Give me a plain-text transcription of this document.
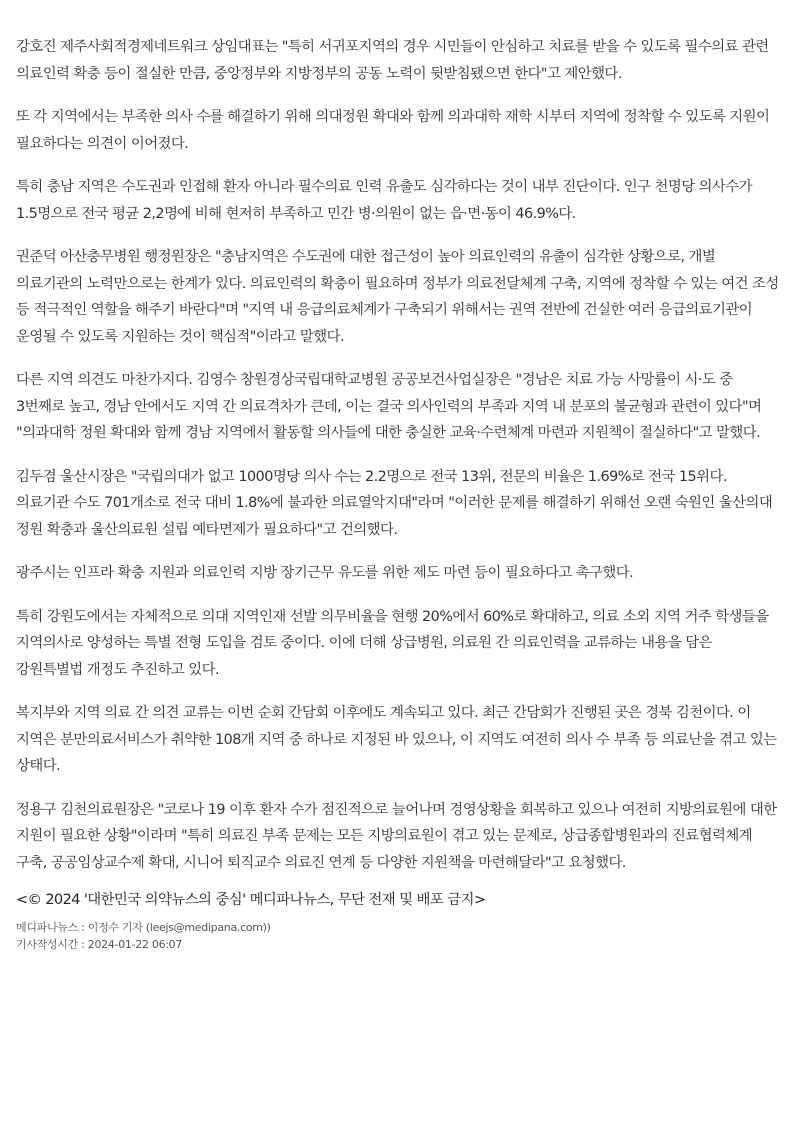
강호진 제주사회적경제네트워크 상임대표는 "특히 서귀포지역의 경우 시민들이 안심하고 치료를 받을 수 있도록 필수의료 관련 의료인력 확충 등이 절실한 만큼, 중앙정부와 지방정부의 공동 노력이 뒷받침됐으면 한다"고 제안했다.

또 각 지역에서는 부족한 의사 수를 해결하기 위해 의대정원 확대와 함께 의과대학 재학 시부터 지역에 정착할 수 있도록 지원이 필요하다는 의견이 이어졌다.

특히 충남 지역은 수도권과 인접해 환자 아니라 필수의료 인력 유출도 심각하다는 것이 내부 진단이다. 인구 천명당 의사수가 1.5명으로 전국 평균 2,2명에 비해 현저히 부족하고 민간 병·의원이 없는 읍·면·동이 46.9%다.

권준덕 아산충무병원 행정원장은 "충남지역은 수도권에 대한 접근성이 높아 의료인력의 유출이 심각한 상황으로, 개별 의료기관의 노력만으로는 한계가 있다. 의료인력의 확충이 필요하며 정부가 의료전달체계 구축, 지역에 정착할 수 있는 여건 조성 등 적극적인 역할을 해주기 바란다"며 "지역 내 응급의료체계가 구축되기 위해서는 권역 전반에 건실한 여러 응급의료기관이 운영될 수 있도록 지원하는 것이 핵심적"이라고 말했다.

다른 지역 의견도 마찬가지다. 김영수 창원경상국립대학교병원 공공보건사업실장은 "경남은 치료 가능 사망률이 시·도 중 3번째로 높고, 경남 안에서도 지역 간 의료격차가 큰데, 이는 결국 의사인력의 부족과 지역 내 분포의 불균형과 관련이 있다"며 "의과대학 정원 확대와 함께 경남 지역에서 활동할 의사들에 대한 충실한 교육·수련체계 마련과 지원책이 절실하다"고 말했다.

김두겸 울산시장은 "국립의대가 없고 1000명당 의사 수는 2.2명으로 전국 13위, 전문의 비율은 1.69%로 전국 15위다. 의료기관 수도 701개소로 전국 대비 1.8%에 불과한 의료열악지대"라며 "이러한 문제를 해결하기 위해선 오랜 숙원인 울산의대 정원 확충과 울산의료원 설립 예타면제가 필요하다"고 건의했다.

광주시는 인프라 확충 지원과 의료인력 지방 장기근무 유도를 위한 제도 마련 등이 필요하다고 촉구했다.

특히 강원도에서는 자체적으로 의대 지역인재 선발 의무비율을 현행 20%에서 60%로 확대하고, 의료 소외 지역 거주 학생들을 지역의사로 양성하는 특별 전형 도입을 검토 중이다. 이에 더해 상급병원, 의료원 간 의료인력을 교류하는 내용을 담은 강원특별법 개정도 추진하고 있다.

복지부와 지역 의료 간 의견 교류는 이번 순회 간담회 이후에도 계속되고 있다. 최근 간담회가 진행된 곳은 경북 김천이다. 이 지역은 분만의료서비스가 취약한 108개 지역 중 하나로 지정된 바 있으나, 이 지역도 여전히 의사 수 부족 등 의료난을 겪고 있는 상태다.

정용구 김천의료원장은 "코로나 19 이후 환자 수가 점진적으로 늘어나며 경영상황을 회복하고 있으나 여전히 지방의료원에 대한 지원이 필요한 상황"이라며 "특히 의료진 부족 문제는 모든 지방의료원이 겪고 있는 문제로, 상급종합병원과의 진료협력체계 구축, 공공임상교수제 확대, 시니어 퇴직교수 의료진 연계 등 다양한 지원책을 마련해달라"고 요청했다.

<© 2024 '대한민국 의약뉴스의 중심' 메디파나뉴스, 무단 전재 및 배포 금지>
메디파나뉴스 : 이정수 기자 (leejs@medipana.com))
기사작성시간 : 2024-01-22 06:07
